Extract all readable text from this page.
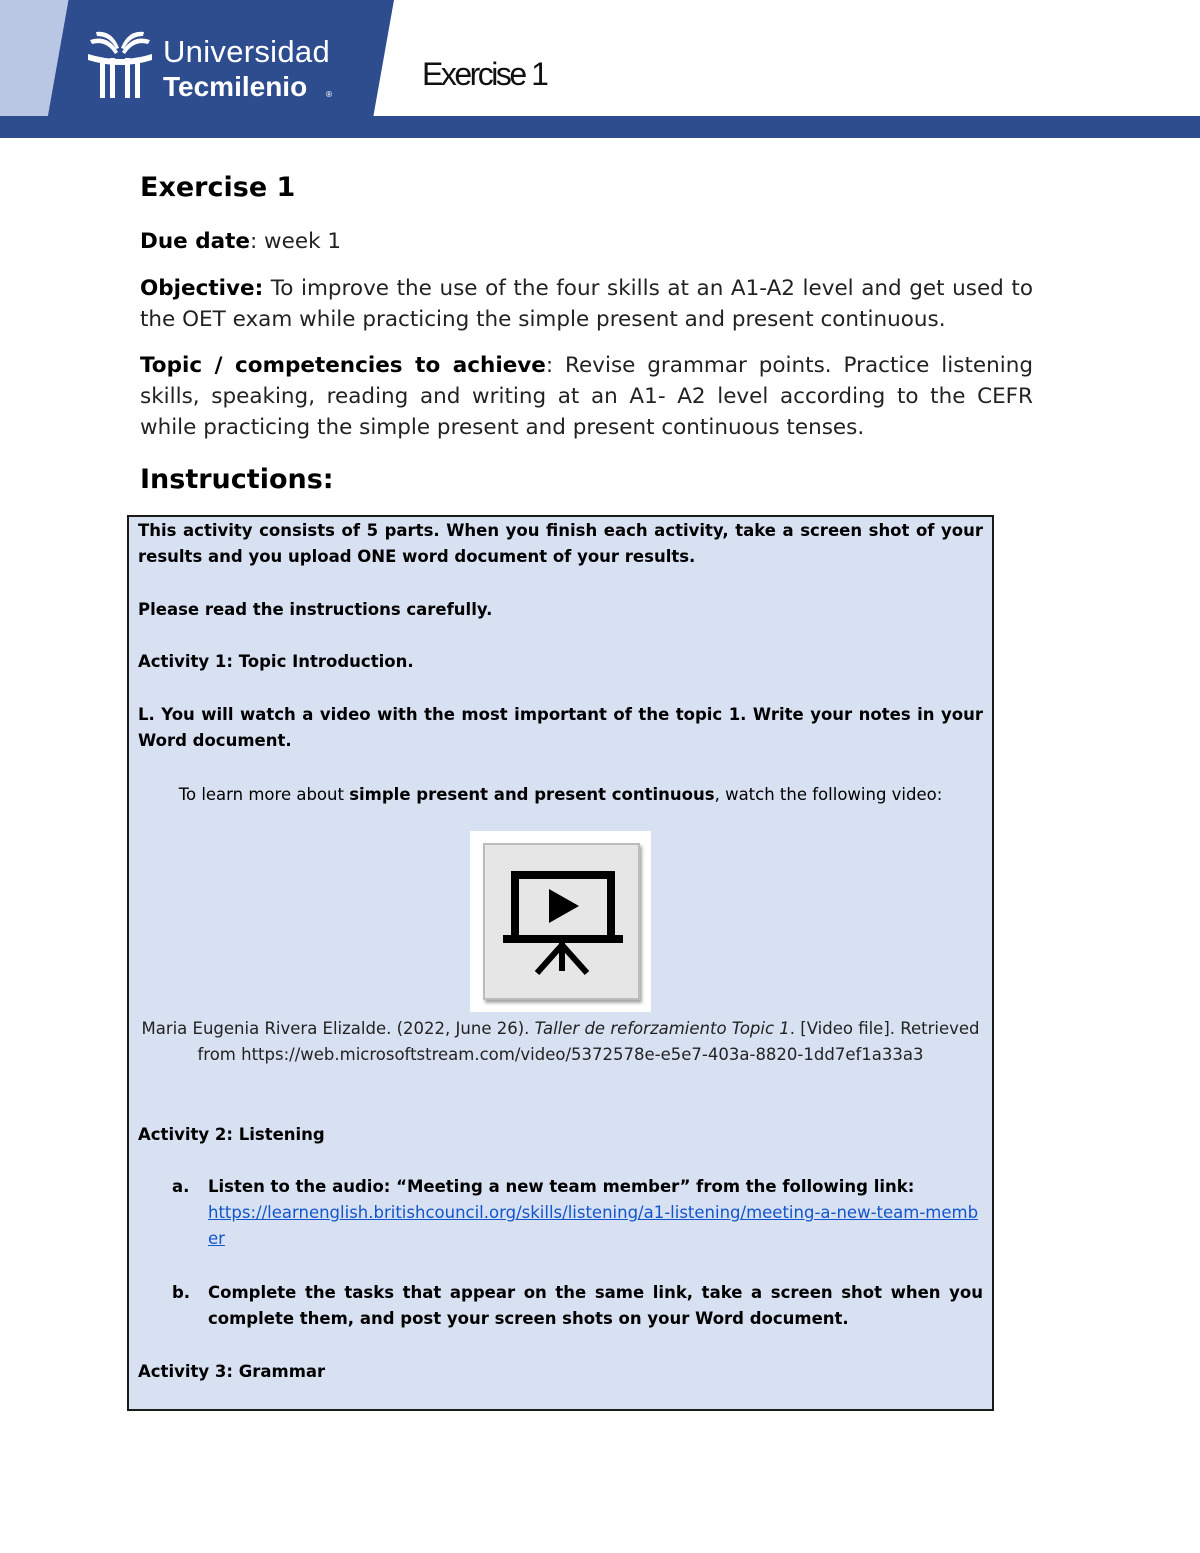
Universidad
Tecmilenio ®
Exercise 1
Exercise 1
Due date: week 1
Objective: To improve the use of the four skills at an A1-A2 level and get used to the OET exam while practicing the simple present and present continuous.
Topic / competencies to achieve: Revise grammar points. Practice listening skills, speaking, reading and writing at an A1- A2 level according to the CEFR while practicing the simple present and present continuous tenses.
Instructions:
This activity consists of 5 parts. When you finish each activity, take a screen shot of your results and you upload ONE word document of your results.
Please read the instructions carefully.
Activity 1: Topic Introduction.
L. You will watch a video with the most important of the topic 1. Write your notes in your Word document.
To learn more about simple present and present continuous, watch the following video:
Maria Eugenia Rivera Elizalde. (2022, June 26). Taller de reforzamiento Topic 1. [Video file]. Retrieved from https://web.microsoftstream.com/video/5372578e-e5e7-403a-8820-1dd7ef1a33a3
Activity 2: Listening
a. Listen to the audio: “Meeting a new team member” from the following link:
https://learnenglish.britishcouncil.org/skills/listening/a1-listening/meeting-a-new-team-member
b. Complete the tasks that appear on the same link, take a screen shot when you complete them, and post your screen shots on your Word document.
Activity 3: Grammar
